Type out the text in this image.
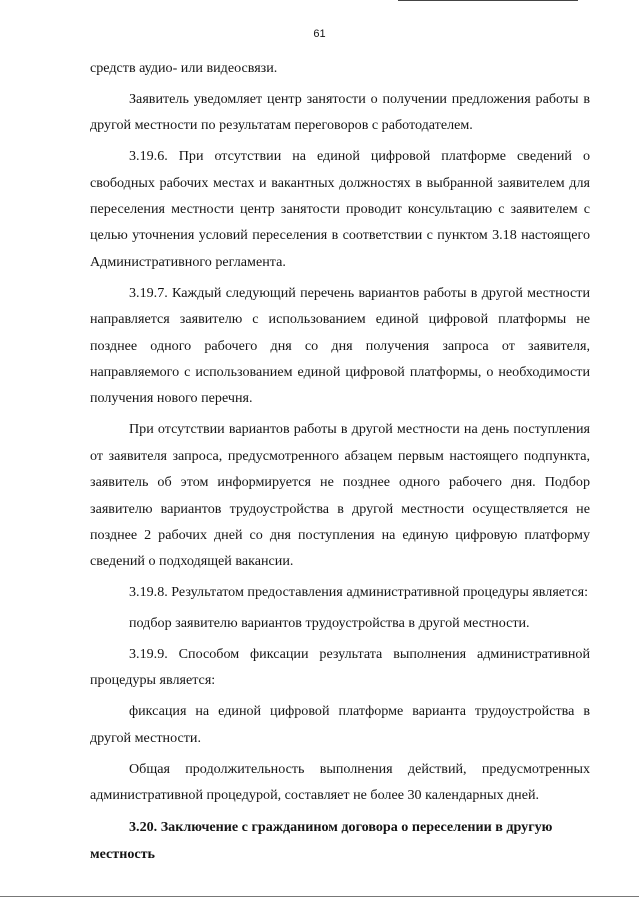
61

средств аудио- или видеосвязи.

Заявитель уведомляет центр занятости о получении предложения работы в другой местности по результатам переговоров с работодателем.

3.19.6. При отсутствии на единой цифровой платформе сведений о свободных рабочих местах и вакантных должностях в выбранной заявителем для переселения местности центр занятости проводит консультацию с заявителем с целью уточнения условий переселения в соответствии с пунктом 3.18 настоящего Административного регламента.

3.19.7. Каждый следующий перечень вариантов работы в другой местности направляется заявителю с использованием единой цифровой платформы не позднее одного рабочего дня со дня получения запроса от заявителя, направляемого с использованием единой цифровой платформы, о необходимости получения нового перечня.

При отсутствии вариантов работы в другой местности на день поступления от заявителя запроса, предусмотренного абзацем первым настоящего подпункта, заявитель об этом информируется не позднее одного рабочего дня. Подбор заявителю вариантов трудоустройства в другой местности осуществляется не позднее 2 рабочих дней со дня поступления на единую цифровую платформу сведений о подходящей вакансии.

3.19.8. Результатом предоставления административной процедуры является:

подбор заявителю вариантов трудоустройства в другой местности.

3.19.9. Способом фиксации результата выполнения административной процедуры является:

фиксация на единой цифровой платформе варианта трудоустройства в другой местности.

Общая продолжительность выполнения действий, предусмотренных административной процедурой, составляет не более 30 календарных дней.

3.20. Заключение с гражданином договора о переселении в другую местность
